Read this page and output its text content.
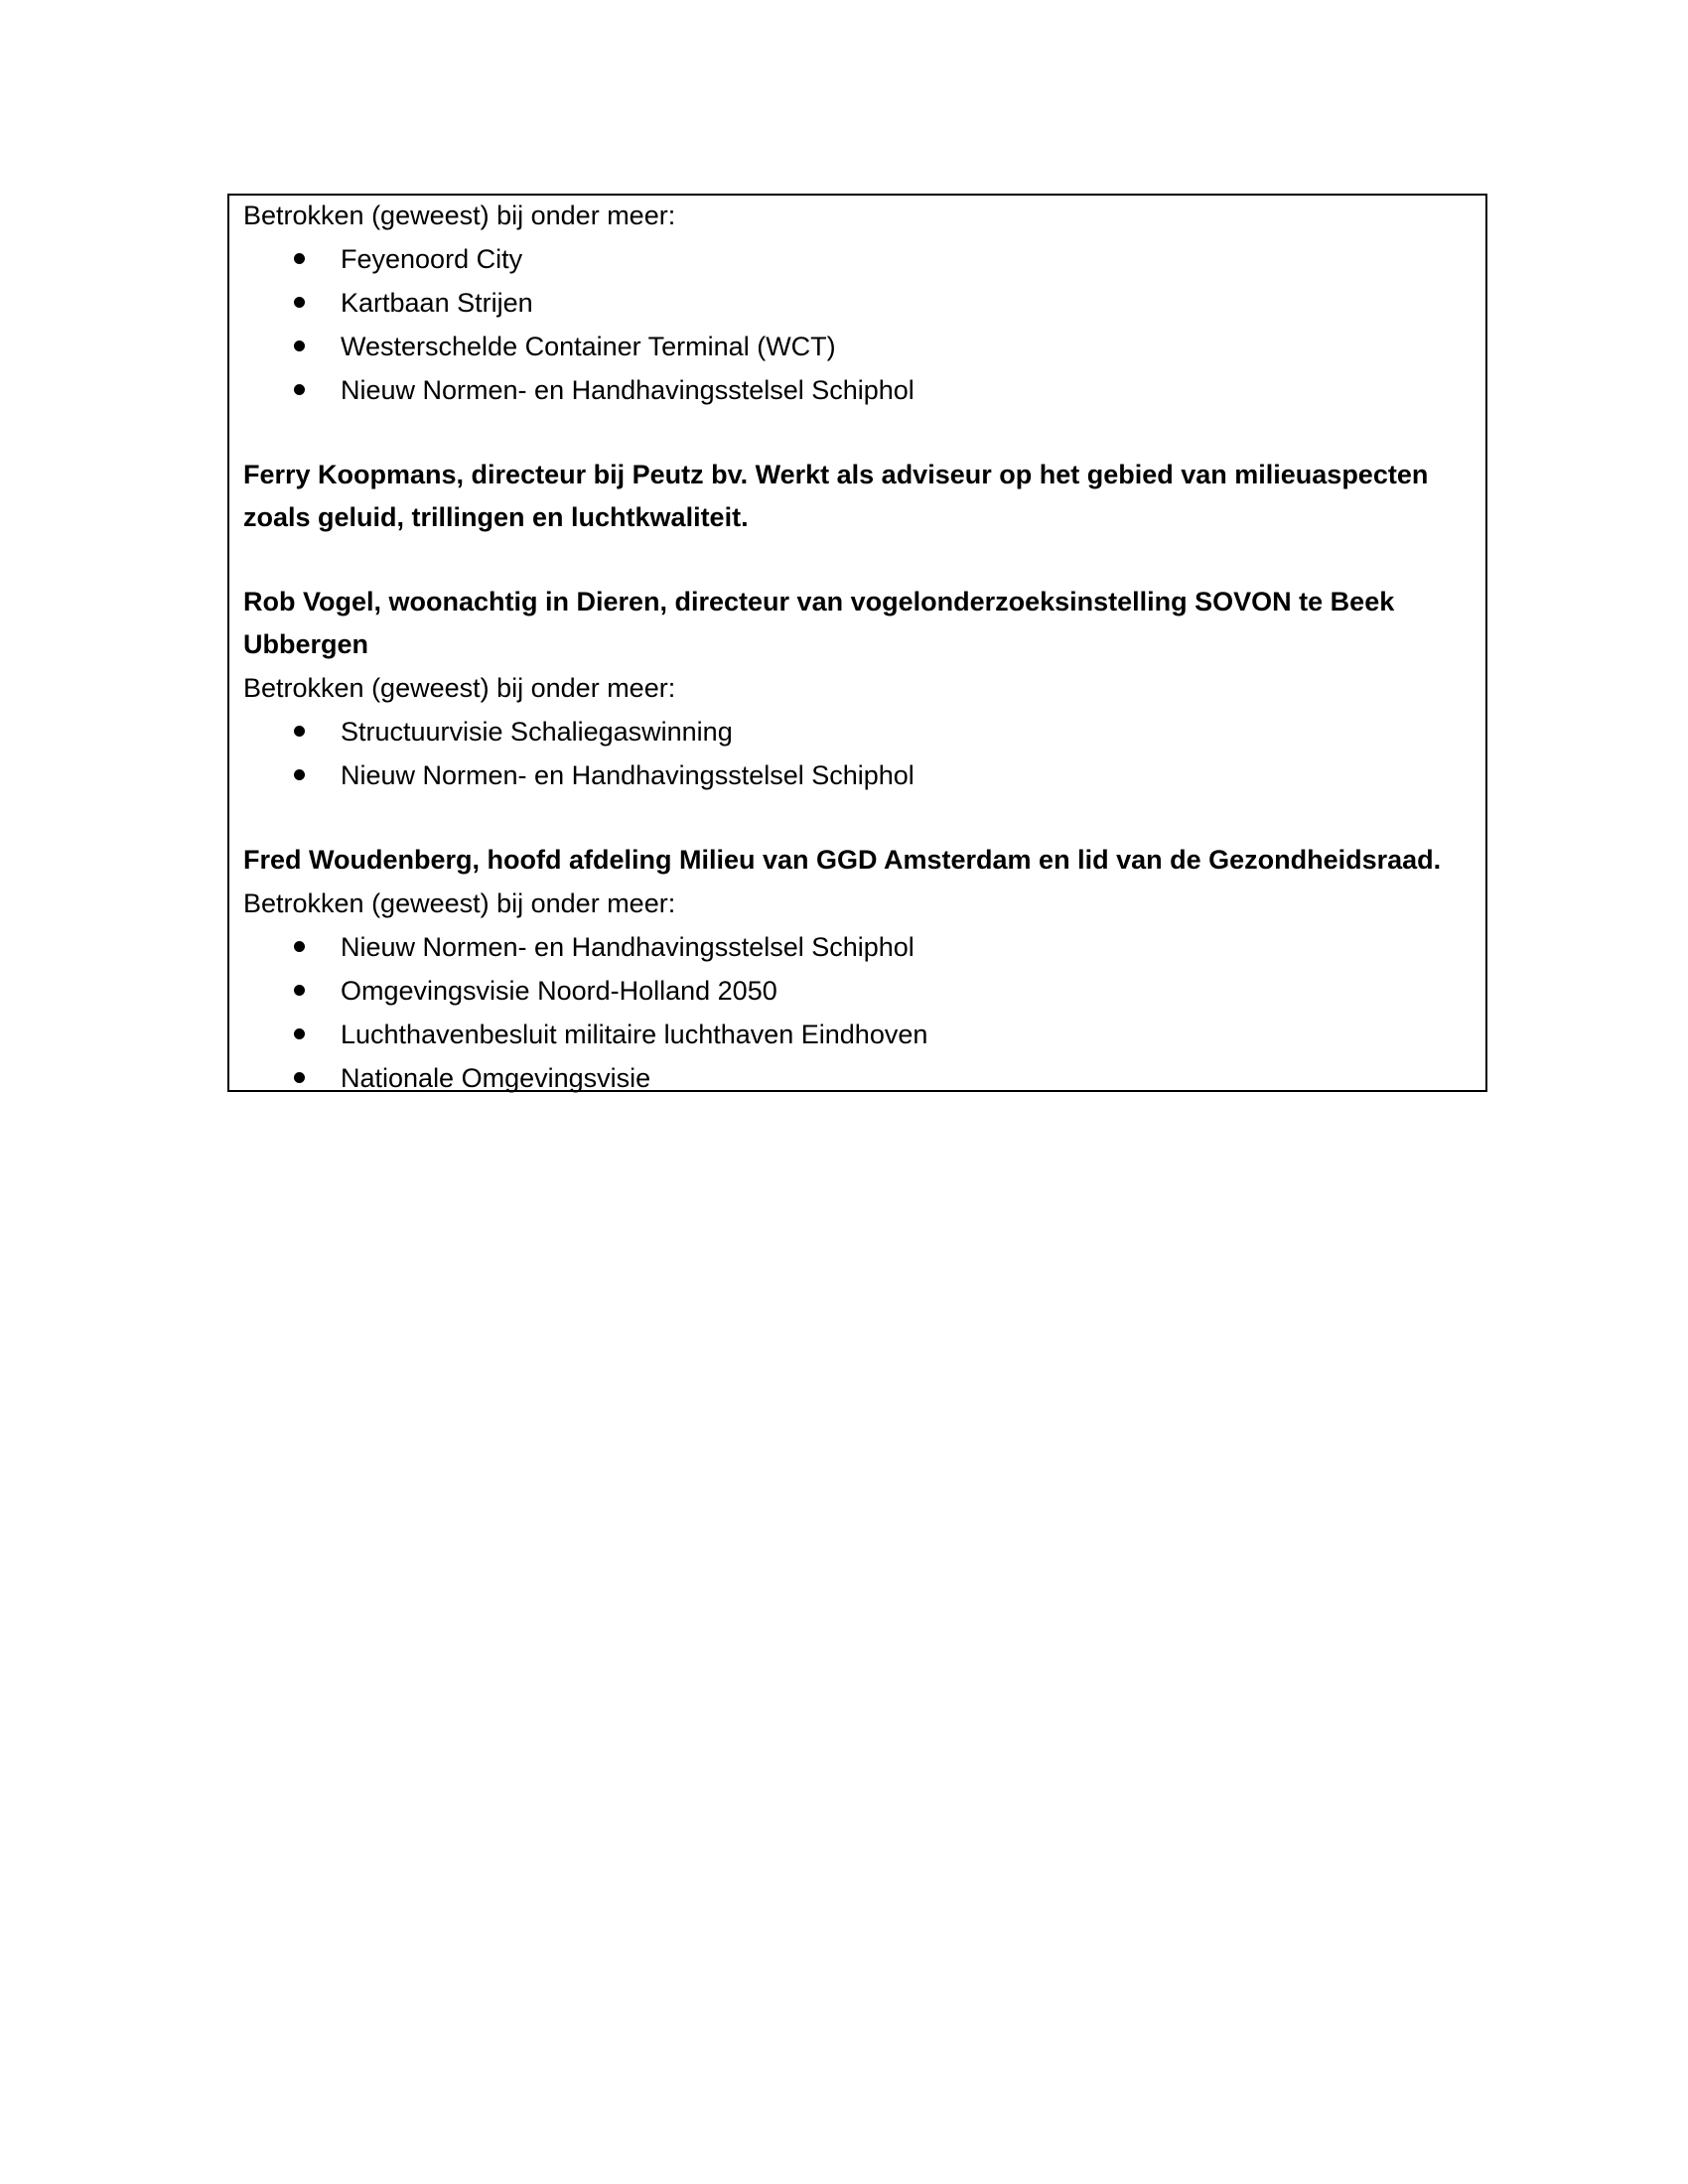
Betrokken (geweest) bij onder meer:
Feyenoord City
Kartbaan Strijen
Westerschelde Container Terminal (WCT)
Nieuw Normen- en Handhavingsstelsel Schiphol
Ferry Koopmans, directeur bij Peutz bv. Werkt als adviseur op het gebied van milieuaspecten zoals geluid, trillingen en luchtkwaliteit.
Rob Vogel, woonachtig in Dieren, directeur van vogelonderzoeksinstelling SOVON te Beek Ubbergen
Betrokken (geweest) bij onder meer:
Structuurvisie Schaliegaswinning
Nieuw Normen- en Handhavingsstelsel Schiphol
Fred Woudenberg, hoofd afdeling Milieu van GGD Amsterdam en lid van de Gezondheidsraad.
Betrokken (geweest) bij onder meer:
Nieuw Normen- en Handhavingsstelsel Schiphol
Omgevingsvisie Noord-Holland 2050
Luchthavenbesluit militaire luchthaven Eindhoven
Nationale Omgevingsvisie
